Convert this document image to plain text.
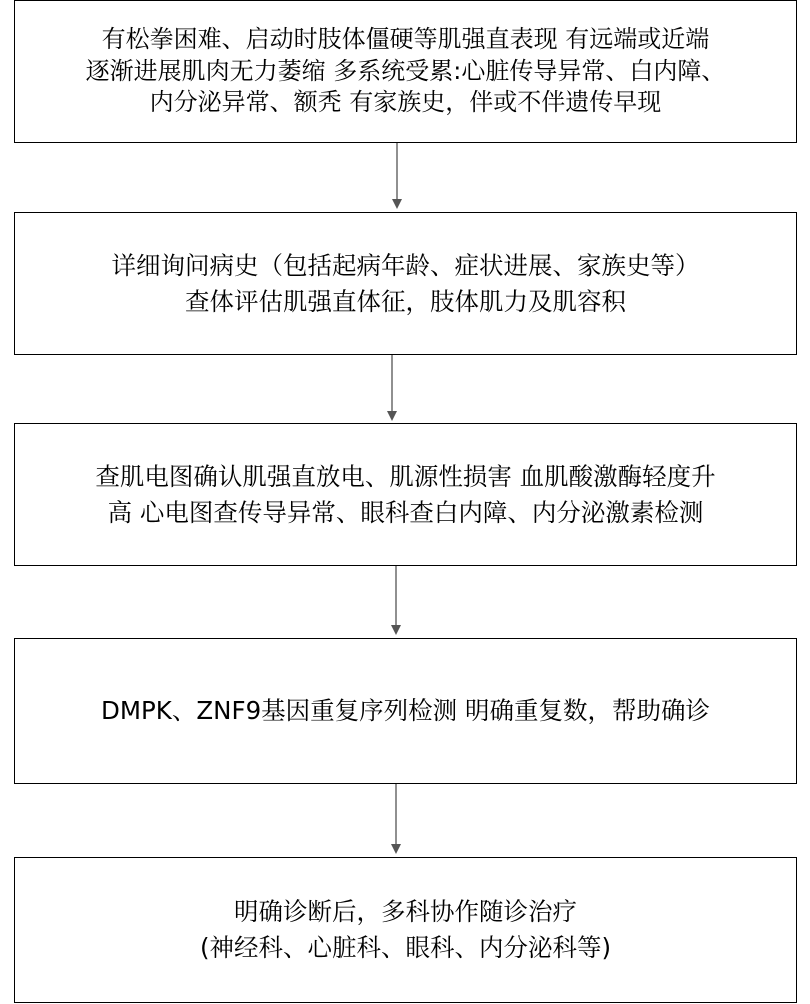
有松拳困难、启动时肢体僵硬等肌强直表现 有远端或近端
逐渐进展肌肉无力萎缩 多系统受累:心脏传导异常、白内障、
内分泌异常、额秃 有家族史，伴或不伴遗传早现
详细询问病史（包括起病年龄、症状进展、家族史等）
查体评估肌强直体征，肢体肌力及肌容积
查肌电图确认肌强直放电、肌源性损害 血肌酸激酶轻度升
高 心电图查传导异常、眼科查白内障、内分泌激素检测
DMPK、ZNF9基因重复序列检测 明确重复数，帮助确诊
明确诊断后，多科协作随诊治疗
(神经科、心脏科、眼科、内分泌科等)
